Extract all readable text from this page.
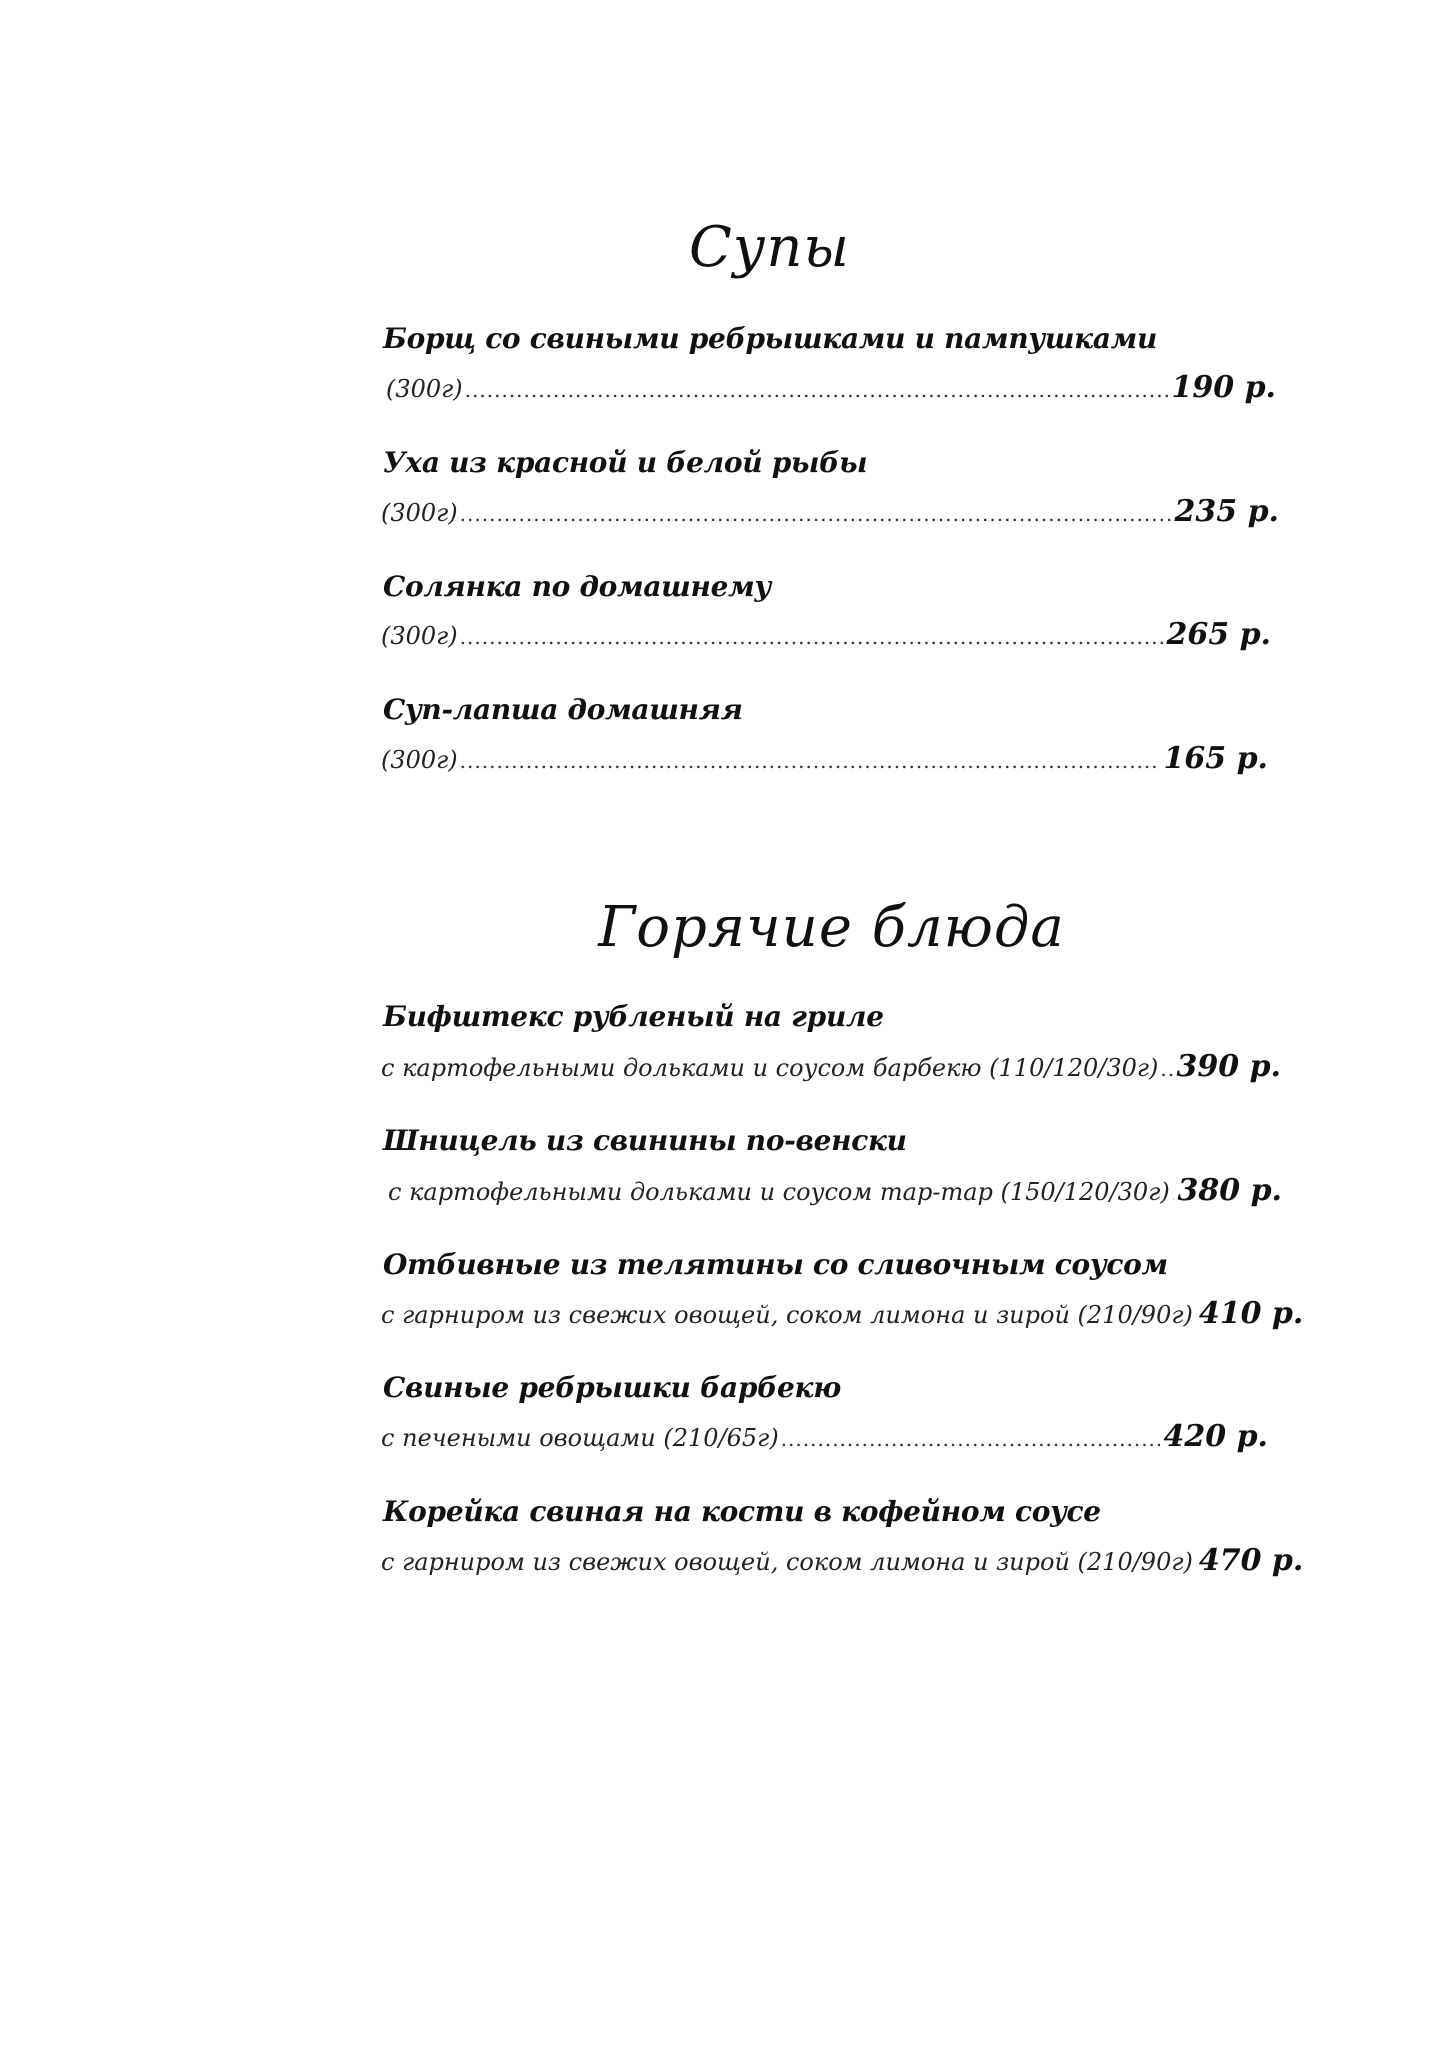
Супы
Борщ со свиными ребрышками и пампушками
(300г) .....	190 р.
Уха из красной и белой рыбы
(300г) .....	235 р.
Солянка по домашнему
(300г) .....	265 р.
Суп-лапша домашняя
(300г) .....	165 р.
Горячие блюда
Бифштекс рубленый на гриле
с картофельными дольками и соусом барбекю (110/120/30г) ..... 390 р.
Шницель из свинины по-венски
с картофельными дольками и соусом тар-тар (150/120/30г) ..... 380 р.
Отбивные из телятины со сливочным соусом
с гарниром из свежих овощей, соком лимона и зирой (210/90г) 410 р.
Свиные ребрышки барбекю
с печеными овощами (210/65г) .....	420 р.
Корейка свиная на кости в кофейном соусе
с гарниром из свежих овощей, соком лимона и зирой (210/90г) 470 р.
